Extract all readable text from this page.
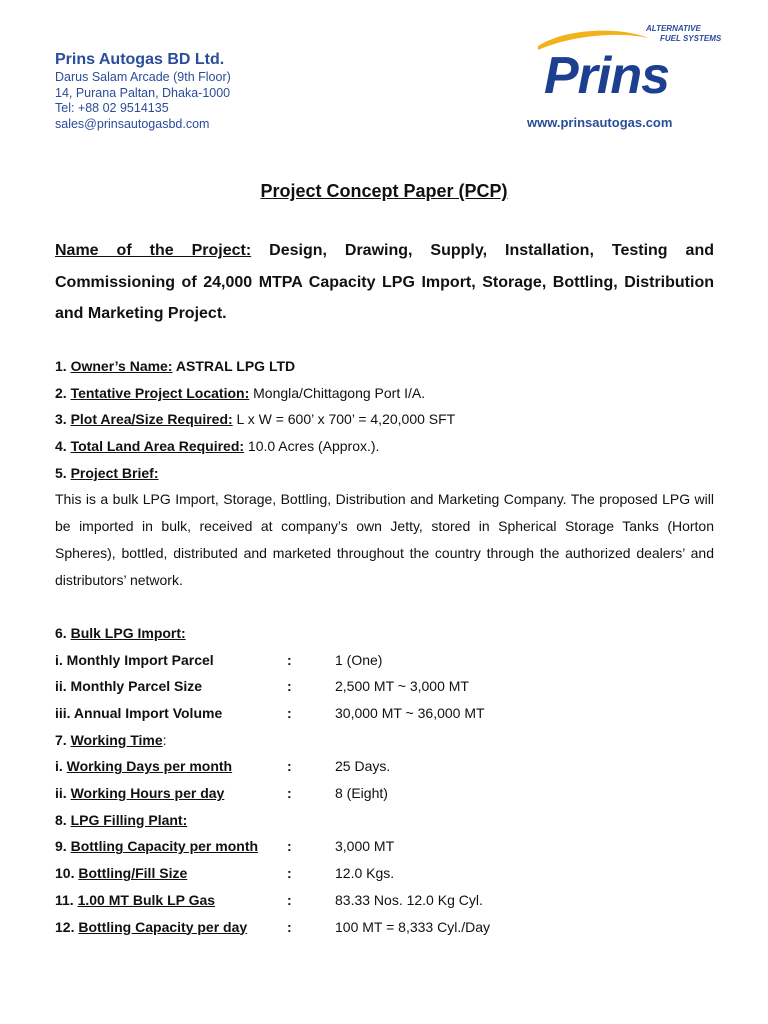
Prins Autogas BD Ltd.
Darus Salam Arcade (9th Floor)
14, Purana Paltan, Dhaka-1000
Tel: +88 02 9514135
sales@prinsautogasbd.com
ALTERNATIVE
FUEL SYSTEMS
Prins
www.prinsautogas.com
Project Concept Paper (PCP)
Name of the Project: Design, Drawing, Supply, Installation, Testing and Commissioning of 24,000 MTPA Capacity LPG Import, Storage, Bottling, Distribution and Marketing Project.
1. Owner’s Name: ASTRAL LPG LTD
2. Tentative Project Location: Mongla/Chittagong Port I/A.
3. Plot Area/Size Required: L x W = 600’ x 700’ = 4,20,000 SFT
4. Total Land Area Required: 10.0 Acres (Approx.).
5. Project Brief:
This is a bulk LPG Import, Storage, Bottling, Distribution and Marketing Company. The proposed LPG will be imported in bulk, received at company’s own Jetty, stored in Spherical Storage Tanks (Horton Spheres), bottled, distributed and marketed throughout the country through the authorized dealers’ and distributors’ network.
6. Bulk LPG Import:
i. Monthly Import Parcel	:	1 (One)
ii. Monthly Parcel Size	:	2,500 MT ~ 3,000 MT
iii. Annual Import Volume	:	30,000 MT ~ 36,000 MT
7. Working Time:
i. Working Days per month	:	25 Days.
ii. Working Hours per day	:	8 (Eight)
8. LPG Filling Plant:
9. Bottling Capacity per month :	3,000 MT
10. Bottling/Fill Size	:	12.0 Kgs.
11. 1.00 MT Bulk LP Gas	:	83.33 Nos. 12.0 Kg Cyl.
12. Bottling Capacity per day	:	100 MT = 8,333 Cyl./Day
